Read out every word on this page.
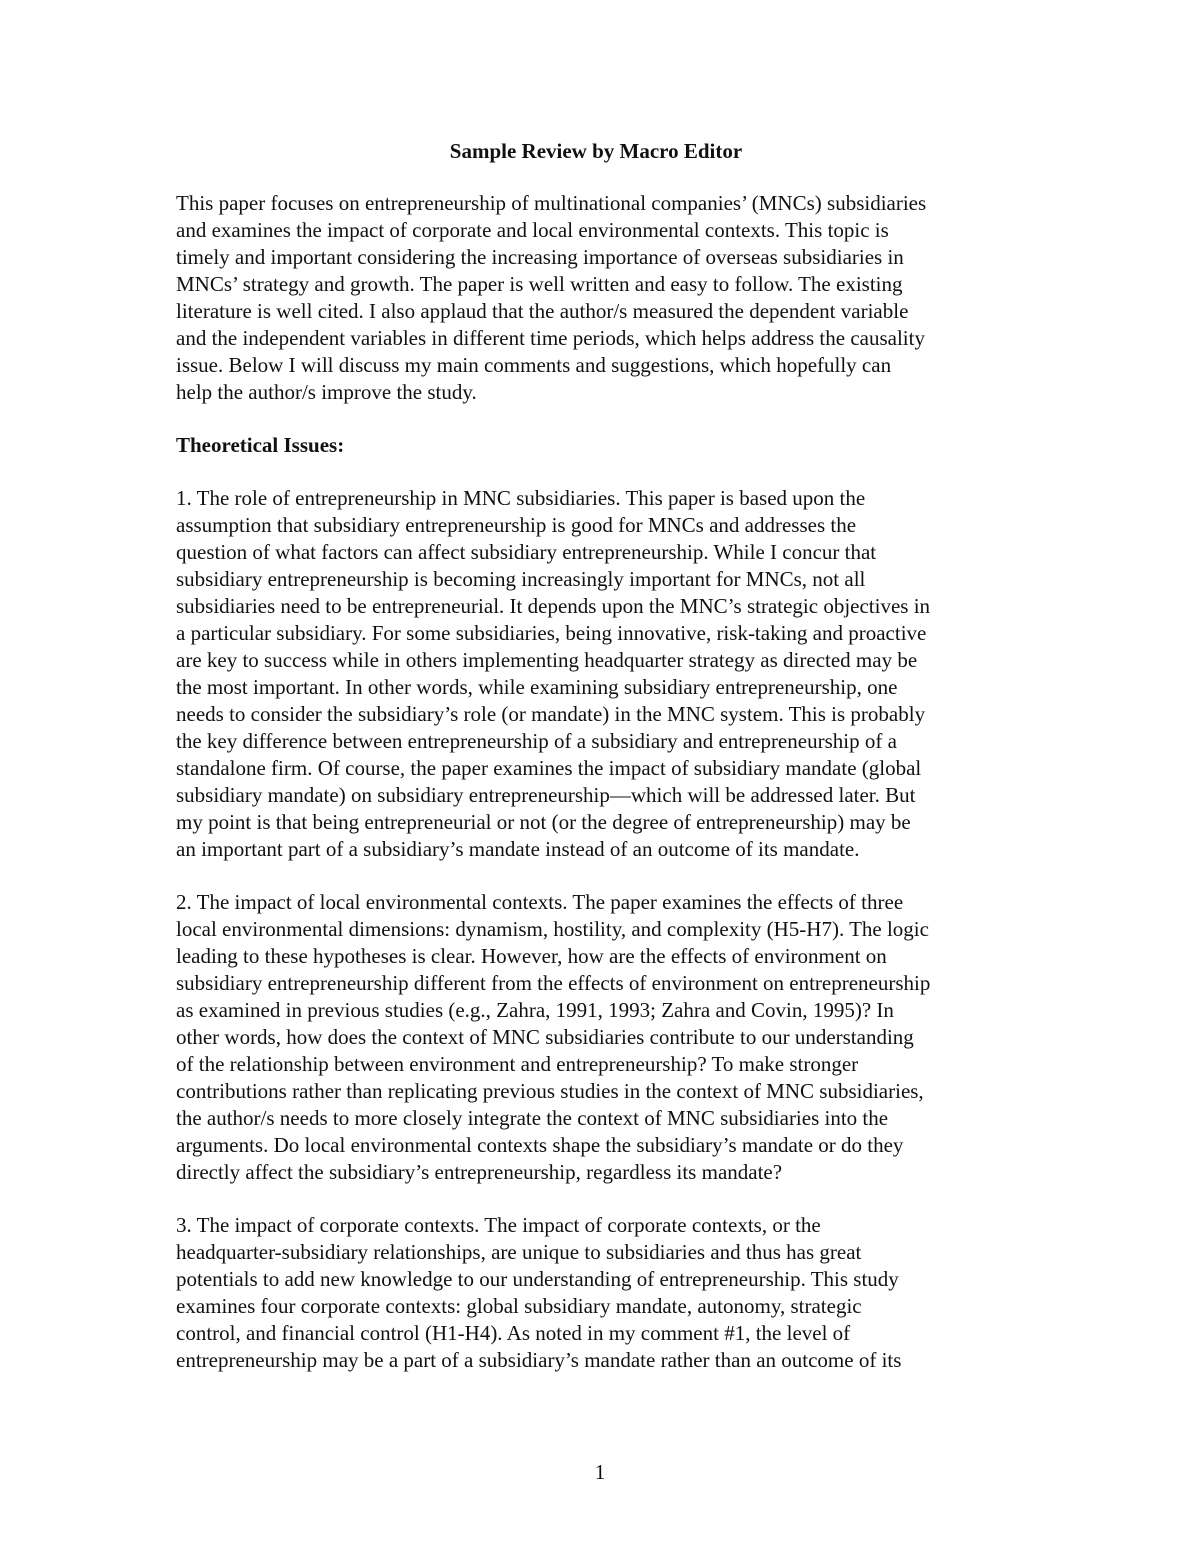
Sample Review by Macro Editor
This paper focuses on entrepreneurship of multinational companies’ (MNCs) subsidiaries
and examines the impact of corporate and local environmental contexts. This topic is
timely and important considering the increasing importance of overseas subsidiaries in
MNCs’ strategy and growth. The paper is well written and easy to follow. The existing
literature is well cited. I also applaud that the author/s measured the dependent variable
and the independent variables in different time periods, which helps address the causality
issue. Below I will discuss my main comments and suggestions, which hopefully can
help the author/s improve the study.
Theoretical Issues:
1. The role of entrepreneurship in MNC subsidiaries. This paper is based upon the
assumption that subsidiary entrepreneurship is good for MNCs and addresses the
question of what factors can affect subsidiary entrepreneurship. While I concur that
subsidiary entrepreneurship is becoming increasingly important for MNCs, not all
subsidiaries need to be entrepreneurial. It depends upon the MNC’s strategic objectives in
a particular subsidiary. For some subsidiaries, being innovative, risk-taking and proactive
are key to success while in others implementing headquarter strategy as directed may be
the most important. In other words, while examining subsidiary entrepreneurship, one
needs to consider the subsidiary’s role (or mandate) in the MNC system. This is probably
the key difference between entrepreneurship of a subsidiary and entrepreneurship of a
standalone firm. Of course, the paper examines the impact of subsidiary mandate (global
subsidiary mandate) on subsidiary entrepreneurship—which will be addressed later. But
my point is that being entrepreneurial or not (or the degree of entrepreneurship) may be
an important part of a subsidiary’s mandate instead of an outcome of its mandate.
2. The impact of local environmental contexts. The paper examines the effects of three
local environmental dimensions: dynamism, hostility, and complexity (H5-H7). The logic
leading to these hypotheses is clear. However, how are the effects of environment on
subsidiary entrepreneurship different from the effects of environment on entrepreneurship
as examined in previous studies (e.g., Zahra, 1991, 1993; Zahra and Covin, 1995)? In
other words, how does the context of MNC subsidiaries contribute to our understanding
of the relationship between environment and entrepreneurship? To make stronger
contributions rather than replicating previous studies in the context of MNC subsidiaries,
the author/s needs to more closely integrate the context of MNC subsidiaries into the
arguments. Do local environmental contexts shape the subsidiary’s mandate or do they
directly affect the subsidiary’s entrepreneurship, regardless its mandate?
3. The impact of corporate contexts. The impact of corporate contexts, or the
headquarter-subsidiary relationships, are unique to subsidiaries and thus has great
potentials to add new knowledge to our understanding of entrepreneurship. This study
examines four corporate contexts: global subsidiary mandate, autonomy, strategic
control, and financial control (H1-H4). As noted in my comment #1, the level of
entrepreneurship may be a part of a subsidiary’s mandate rather than an outcome of its
1
